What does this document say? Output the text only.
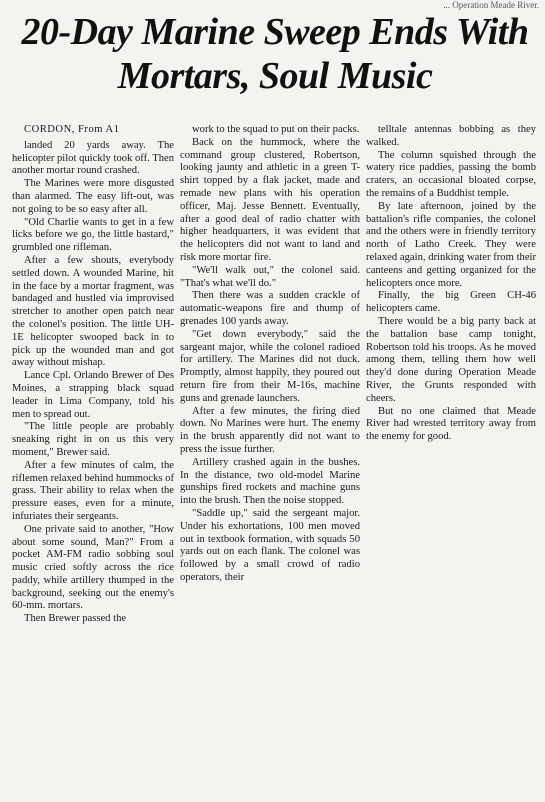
... Operation Meade River.
20-Day Marine Sweep Ends With Mortars, Soul Music
CORDON, From A1

landed 20 yards away. The helicopter pilot quickly took off. Then another mortar round crashed.

The Marines were more disgusted than alarmed. The easy lift-out, was not going to be so easy after all.

"Old Charlie wants to get in a few licks before we go, the little bastard," grumbled one rifleman.

After a few shouts, everybody settled down. A wounded Marine, hit in the face by a mortar fragment, was bandaged and hustled via improvised stretcher to another open patch near the colonel's position. The little UH-1E helicopter swooped back in to pick up the wounded man and got away without mishap.

Lance Cpl. Orlando Brewer of Des Moines, a strapping black squad leader in Lima Company, told his men to spread out.

"The little people are probably sneaking right in on us this very moment," Brewer said.

After a few minutes of calm, the riflemen relaxed behind hummocks of grass. Their ability to relax when the pressure eases, even for a minute, infuriates their sergeants.

One private said to another, "How about some sound, Man?" From a pocket AM-FM radio sobbing soul music cried softly across the rice paddy, while artillery thumped in the background, seeking out the enemy's 60-mm. mortars.

Then Brewer passed the

work to the squad to put on their packs.

Back on the hummock, where the command group clustered, Robertson, looking jaunty and athletic in a green T-shirt topped by a flak jacket, made and remade new plans with his operation officer, Maj. Jesse Bennett. Eventually, after a good deal of radio chatter with higher headquarters, it was evident that the helicopters did not want to land and risk more mortar fire.

"We'll walk out," the colonel said. "That's what we'll do."

Then there was a sudden crackle of automatic-weapons fire and thump of grenades 100 yards away.

"Get down everybody," said the sargeant major, while the colonel radioed for artillery. The Marines did not duck. Promptly, almost happily, they poured out return fire from their M-16s, machine guns and grenade launchers.

After a few minutes, the firing died down. No Marines were hurt. The enemy in the brush apparently did not want to press the issue further.

Artillery crashed again in the bushes. In the distance, two old-model Marine gunships fired rockets and machine guns into the brush. Then the noise stopped.

"Saddle up," said the sergeant major. Under his exhortations, 100 men moved out in textbook formation, with squads 50 yards out on each flank. The colonel was followed by a small crowd of radio operators, their

telltale antennas bobbing as they walked.

The column squished through the watery rice paddies, passing the bomb craters, an occasional bloated corpse, the remains of a Buddhist temple.

By late afternoon, joined by the battalion's rifle companies, the colonel and the others were in friendly territory north of Latho Creek. They were relaxed again, drinking water from their canteens and getting organized for the helicopters once more.

Finally, the big Green CH-46 helicopters came.

There would be a big party back at the battalion base camp tonight, Robertson told his troops. As he moved among them, telling them how well they'd done during Operation Meade River, the Grunts responded with cheers.

But no one claimed that Meade River had wrested territory away from the enemy for good.
